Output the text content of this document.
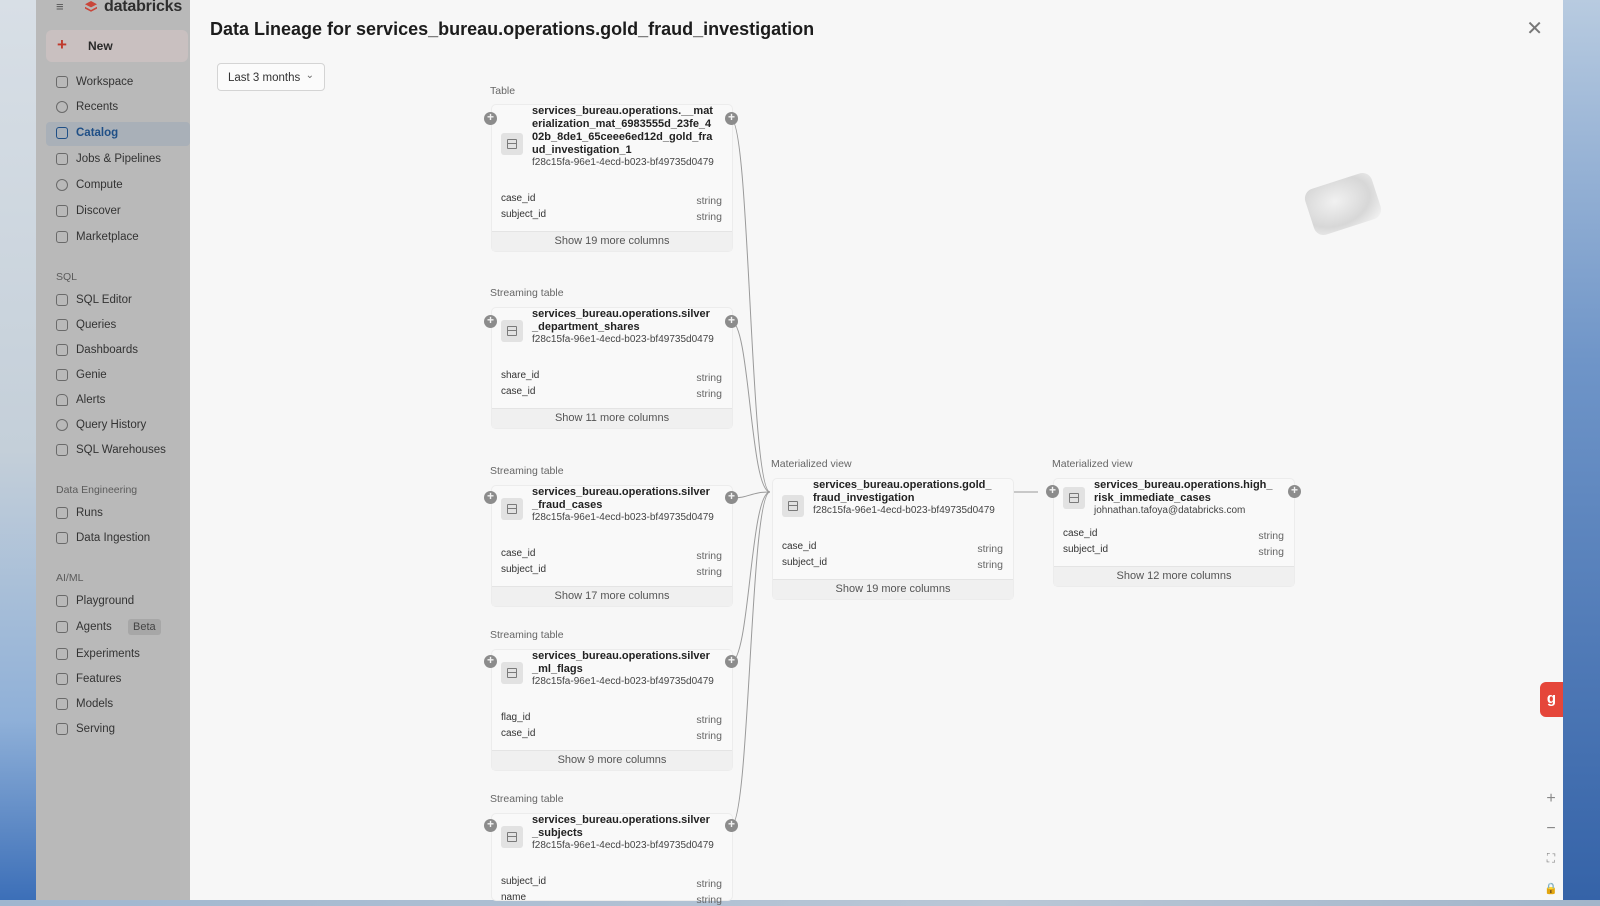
≡	databricks
+ New
Workspace
Recents
Catalog
Jobs & Pipelines
Compute
Discover
Marketplace
SQL
SQL Editor
Queries
Dashboards
Genie
Alerts
Query History
SQL Warehouses
Data Engineering
Runs
Data Ingestion
AI/ML
Playground
Agents	Beta
Experiments
Features
Models
Serving
Data Lineage for services_bureau.operations.gold_fraud_investigation	✕
Last 3 months ⌄
Table
services_bureau.operations.__materialization_mat_6983555d_23fe_402b_8de1_65ceee6ed12d_gold_fraud_investigation_1
f28c15fa-96e1-4ecd-b023-bf49735d0479
case_id	string
subject_id	string
Show 19 more columns
+
+
Streaming table
services_bureau.operations.silver_department_shares
f28c15fa-96e1-4ecd-b023-bf49735d0479
share_id	string
case_id	string
Show 11 more columns
+
+
Streaming table
services_bureau.operations.silver_fraud_cases
f28c15fa-96e1-4ecd-b023-bf49735d0479
case_id	string
subject_id	string
Show 17 more columns
+
+
Streaming table
services_bureau.operations.silver_ml_flags
f28c15fa-96e1-4ecd-b023-bf49735d0479
flag_id	string
case_id	string
Show 9 more columns
+
+
Streaming table
services_bureau.operations.silver_subjects
f28c15fa-96e1-4ecd-b023-bf49735d0479
subject_id	string
name	string
+
+
Materialized view
services_bureau.operations.gold_fraud_investigation
f28c15fa-96e1-4ecd-b023-bf49735d0479
case_id	string
subject_id	string
Show 19 more columns
Materialized view
services_bureau.operations.high_risk_immediate_cases
johnathan.tafoya@databricks.com
case_id	string
subject_id	string
Show 12 more columns
+
+
+
−
⛶
🔒
g
